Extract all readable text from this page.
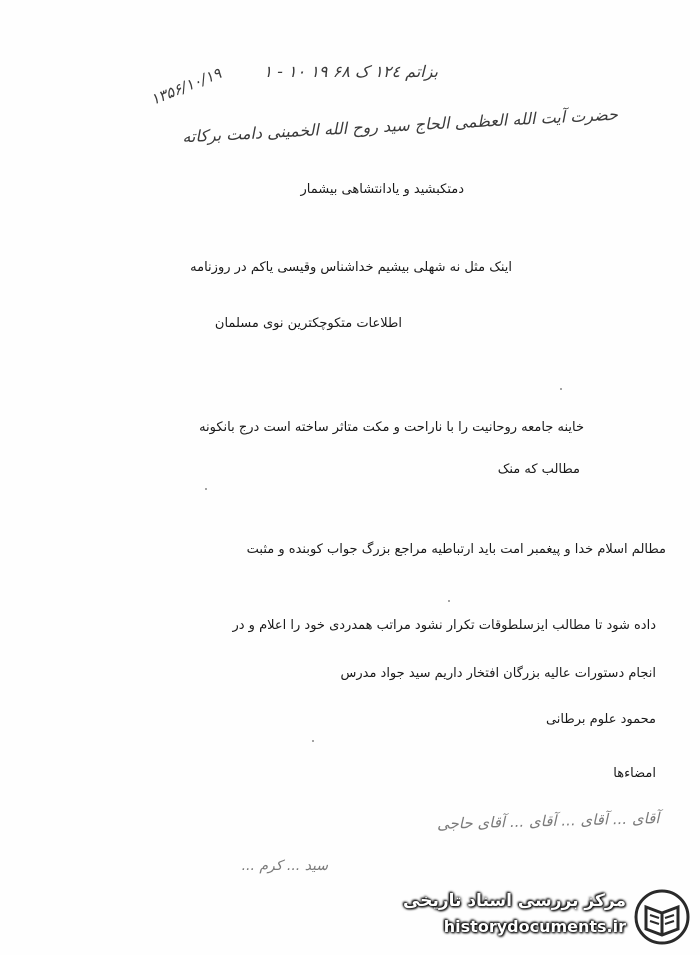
بزاتم ۱۲٤ ک ۶۸ ۱۹ ۱۰ - ۱
۱۳۵۶/۱۰/۱۹
حضرت آیت الله العظمی الحاج سید روح الله الخمینی دامت برکاته
دمتکبشید و یادانتشاهی بیشمار
اینک مثل نه شهلی بیشیم خداشناس وقیسی یاکم در روزنامه
اطلاعات متکوچکترین نوی مسلمان
خاینه جامعه روحانیت را با ناراحت و مکت متاثر ساخته است درج بانکونه
مطالب که منک
مطالم اسلام خدا و پیغمبر امت باید ارتباطیه مراجع بزرگ جواب کوبنده و مثبت
داده شود تا مطالب ایزسلطوقات تکرار نشود مراتب همدردی خود را اعلام و در
انجام دستورات عالیه بزرگان افتخار داریم سید جواد مدرس
محمود علوم برطانی
امضاءها
آقای ... آقای ... آقای ... آقای حاجی
سید ... کرم ...
مرکز بررسی اسناد تاریخی
historydocuments.ir
